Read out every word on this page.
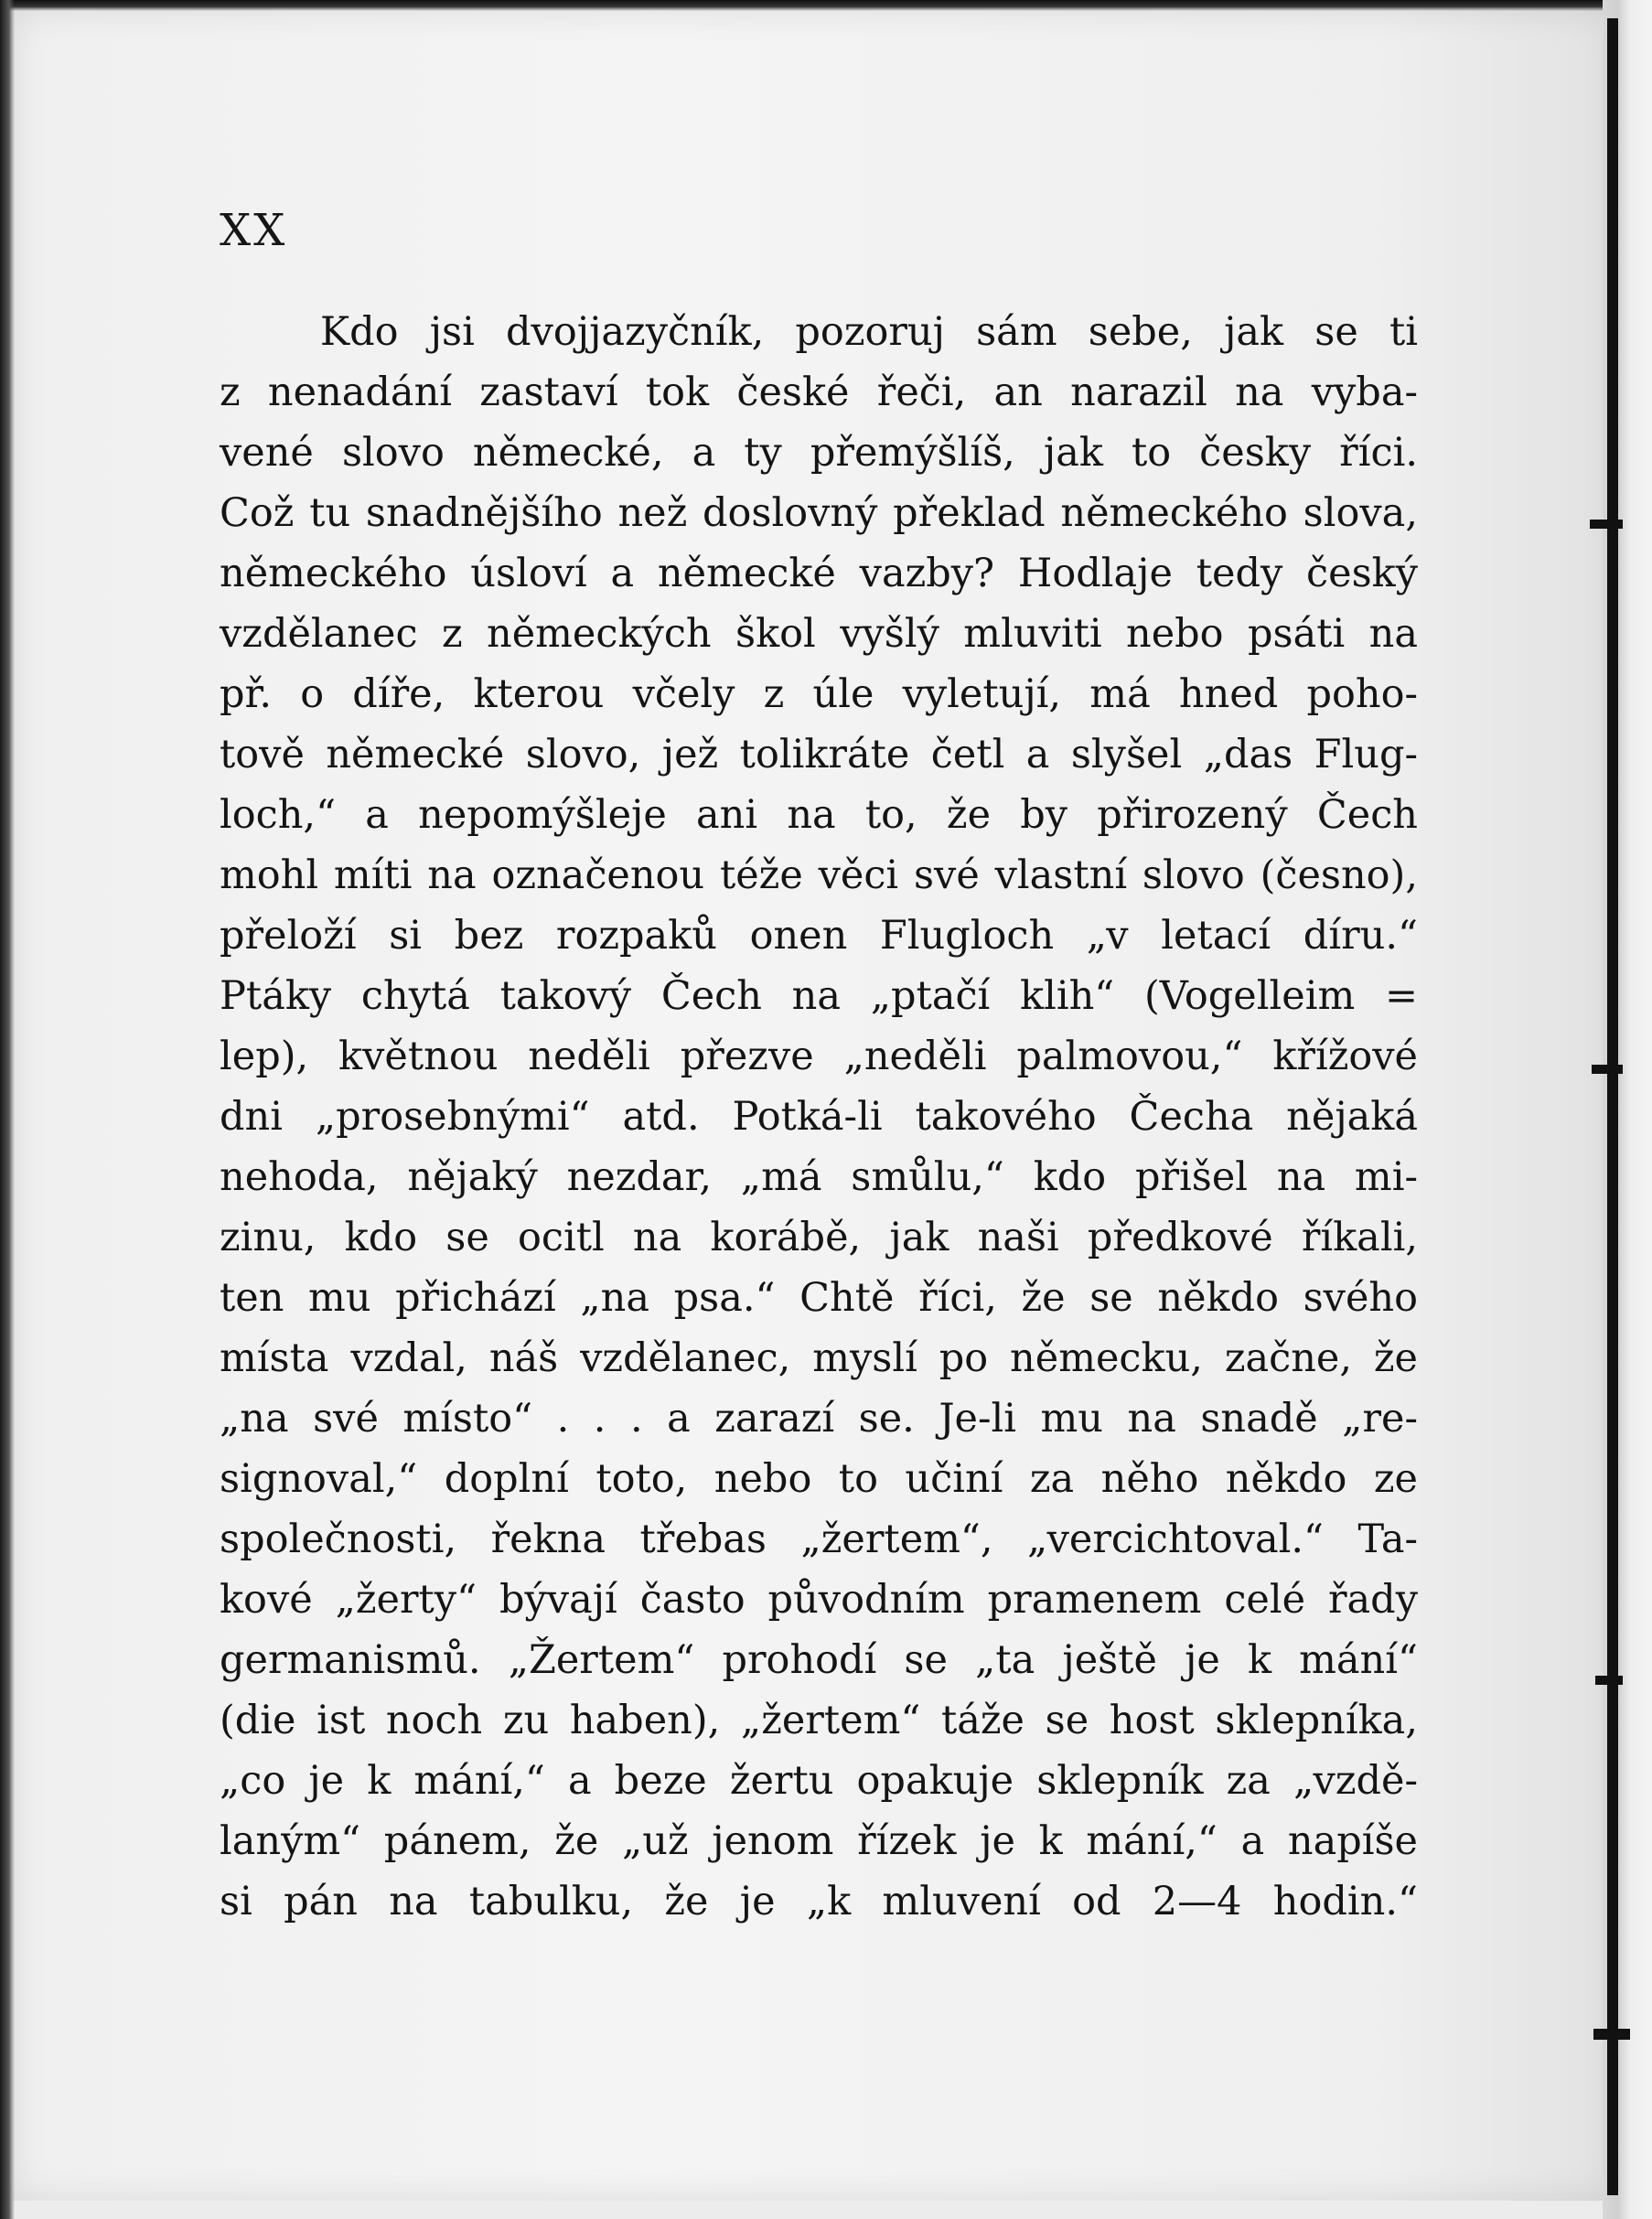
XX
Kdo jsi dvojjazyčník, pozoruj sám sebe, jak se ti
z nenadání zastaví tok české řeči, an narazil na vyba-
vené slovo německé, a ty přemýšlíš, jak to česky říci.
Což tu snadnějšího než doslovný překlad německého slova,
německého úsloví a německé vazby? Hodlaje tedy český
vzdělanec z německých škol vyšlý mluviti nebo psáti na
př. o díře, kterou včely z úle vyletují, má hned poho-
tově německé slovo, jež tolikráte četl a slyšel „das Flug-
loch,“ a nepomýšleje ani na to, že by přirozený Čech
mohl míti na označenou téže věci své vlastní slovo (česno),
přeloží si bez rozpaků onen Flugloch „v letací díru.“
Ptáky chytá takový Čech na „ptačí klih“ (Vogelleim =
lep), květnou neděli přezve „neděli palmovou,“ křížové
dni „prosebnými“ atd. Potká-li takového Čecha nějaká
nehoda, nějaký nezdar, „má smůlu,“ kdo přišel na mi-
zinu, kdo se ocitl na korábě, jak naši předkové říkali,
ten mu přichází „na psa.“ Chtě říci, že se někdo svého
místa vzdal, náš vzdělanec, myslí po německu, začne, že
„na své místo“ . . . a zarazí se. Je-li mu na snadě „re-
signoval,“ doplní toto, nebo to učiní za něho někdo ze
společnosti, řekna třebas „žertem“, „vercichtoval.“ Ta-
kové „žerty“ bývají často původním pramenem celé řady
germanismů. „Žertem“ prohodí se „ta ještě je k mání“
(die ist noch zu haben), „žertem“ táže se host sklepníka,
„co je k mání,“ a beze žertu opakuje sklepník za „vzdě-
laným“ pánem, že „už jenom řízek je k mání,“ a napíše
si pán na tabulku, že je „k mluvení od 2—4 hodin.“
